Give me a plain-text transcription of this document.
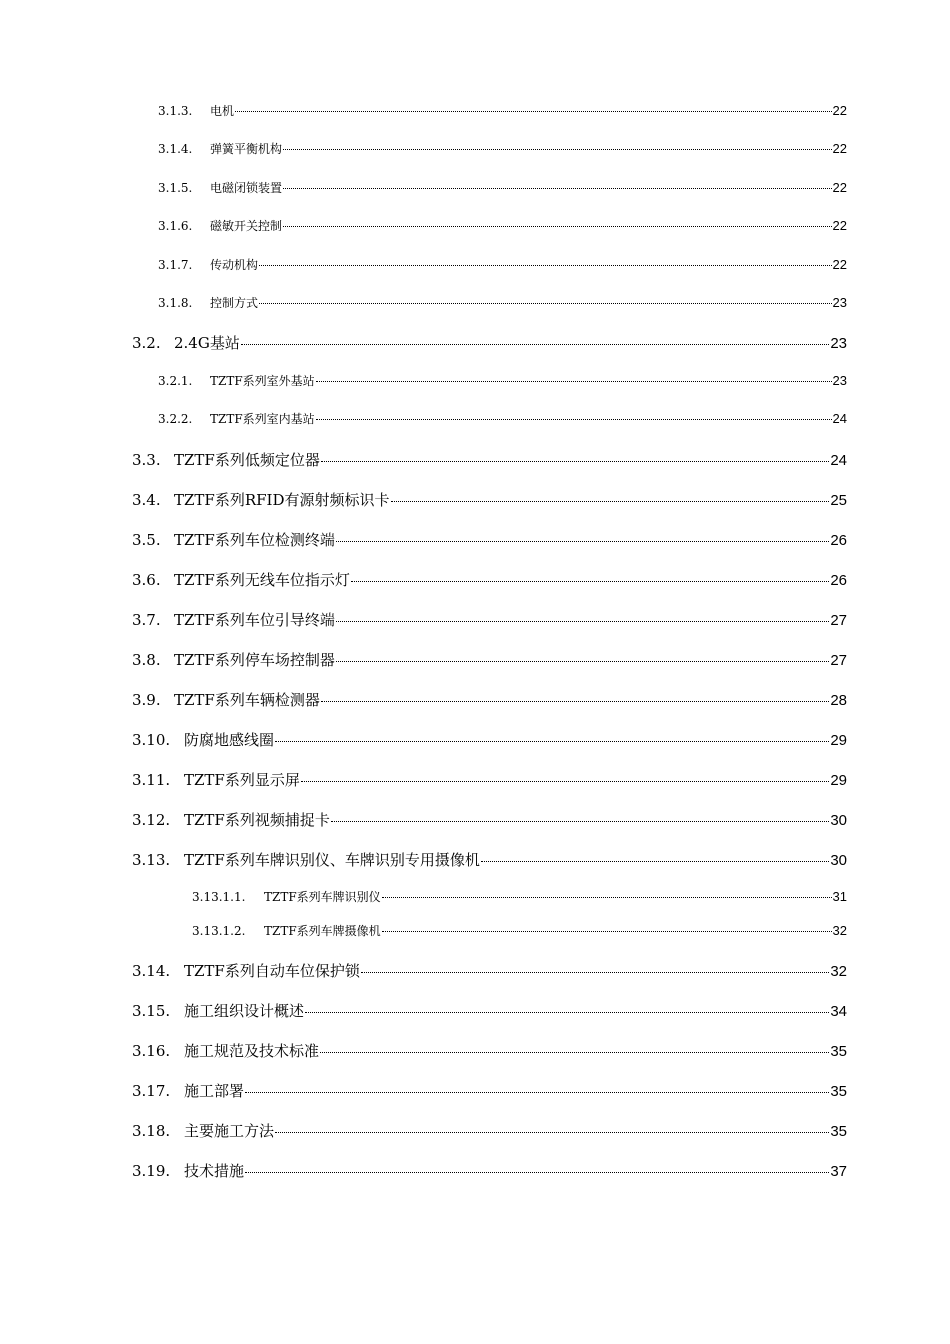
3.1.3.	电机	22
3.1.4.	弹簧平衡机构	22
3.1.5.	电磁闭锁装置	22
3.1.6.	磁敏开关控制	22
3.1.7.	传动机构	22
3.1.8.	控制方式	23
3.2. 2.4G基站	23
3.2.1.	TZTF系列室外基站	23
3.2.2.	TZTF系列室内基站	24
3.3. TZTF系列低频定位器	24
3.4. TZTF系列RFID有源射频标识卡	25
3.5. TZTF系列车位检测终端	26
3.6. TZTF系列无线车位指示灯	26
3.7. TZTF系列车位引导终端	27
3.8. TZTF系列停车场控制器	27
3.9. TZTF系列车辆检测器	28
3.10. 防腐地感线圈	29
3.11. TZTF系列显示屏	29
3.12. TZTF系列视频捕捉卡	30
3.13. TZTF系列车牌识别仪、车牌识别专用摄像机	30
3.13.1.1.	TZTF系列车牌识别仪	31
3.13.1.2.	TZTF系列车牌摄像机	32
3.14. TZTF系列自动车位保护锁	32
3.15. 施工组织设计概述	34
3.16. 施工规范及技术标准	35
3.17. 施工部署	35
3.18. 主要施工方法	35
3.19. 技术措施	37
